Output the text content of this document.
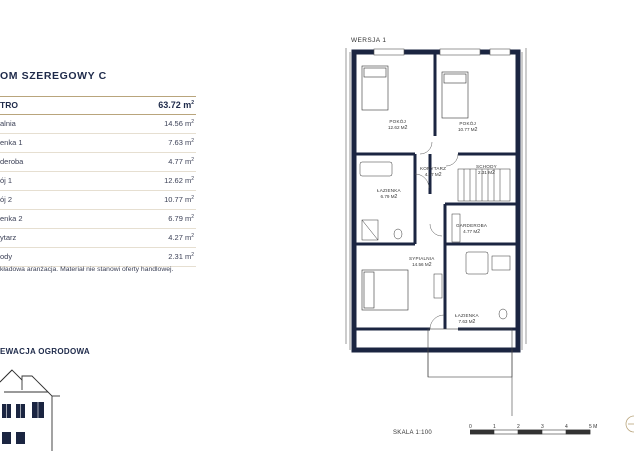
OM SZEREGOWY C
TRO	63.72 $m^2$
alnia	14.56 $m^2$
enka 1	7.63 $m^2$
deroba	4.77 $m^2$
ój 1	12.62 $m^2$
ój 2	10.77 $m^2$
enka 2	6.79 $m^2$
ytarz	4.27 $m^2$
ody	2.31 $m^2$
kładowa aranżacja. Materiał nie stanowi oferty handlowej.
EWACJA OGRODOWA
WERSJA 1
POKÓJ
12.62 $M^2$
POKÓJ
10.77 $M^2$
KORYTARZ
4.27 $M^2$
SCHODY
2.31 $M^2$
ŁAZIENKA
6.79 $M^2$
GARDEROBA
4.77 $M^2$
SYPIALNIA
14.56 $M^2$
ŁAZIENKA
7.63 $M^2$
SKALA 1:100
0	1	2	3	4	5 M
